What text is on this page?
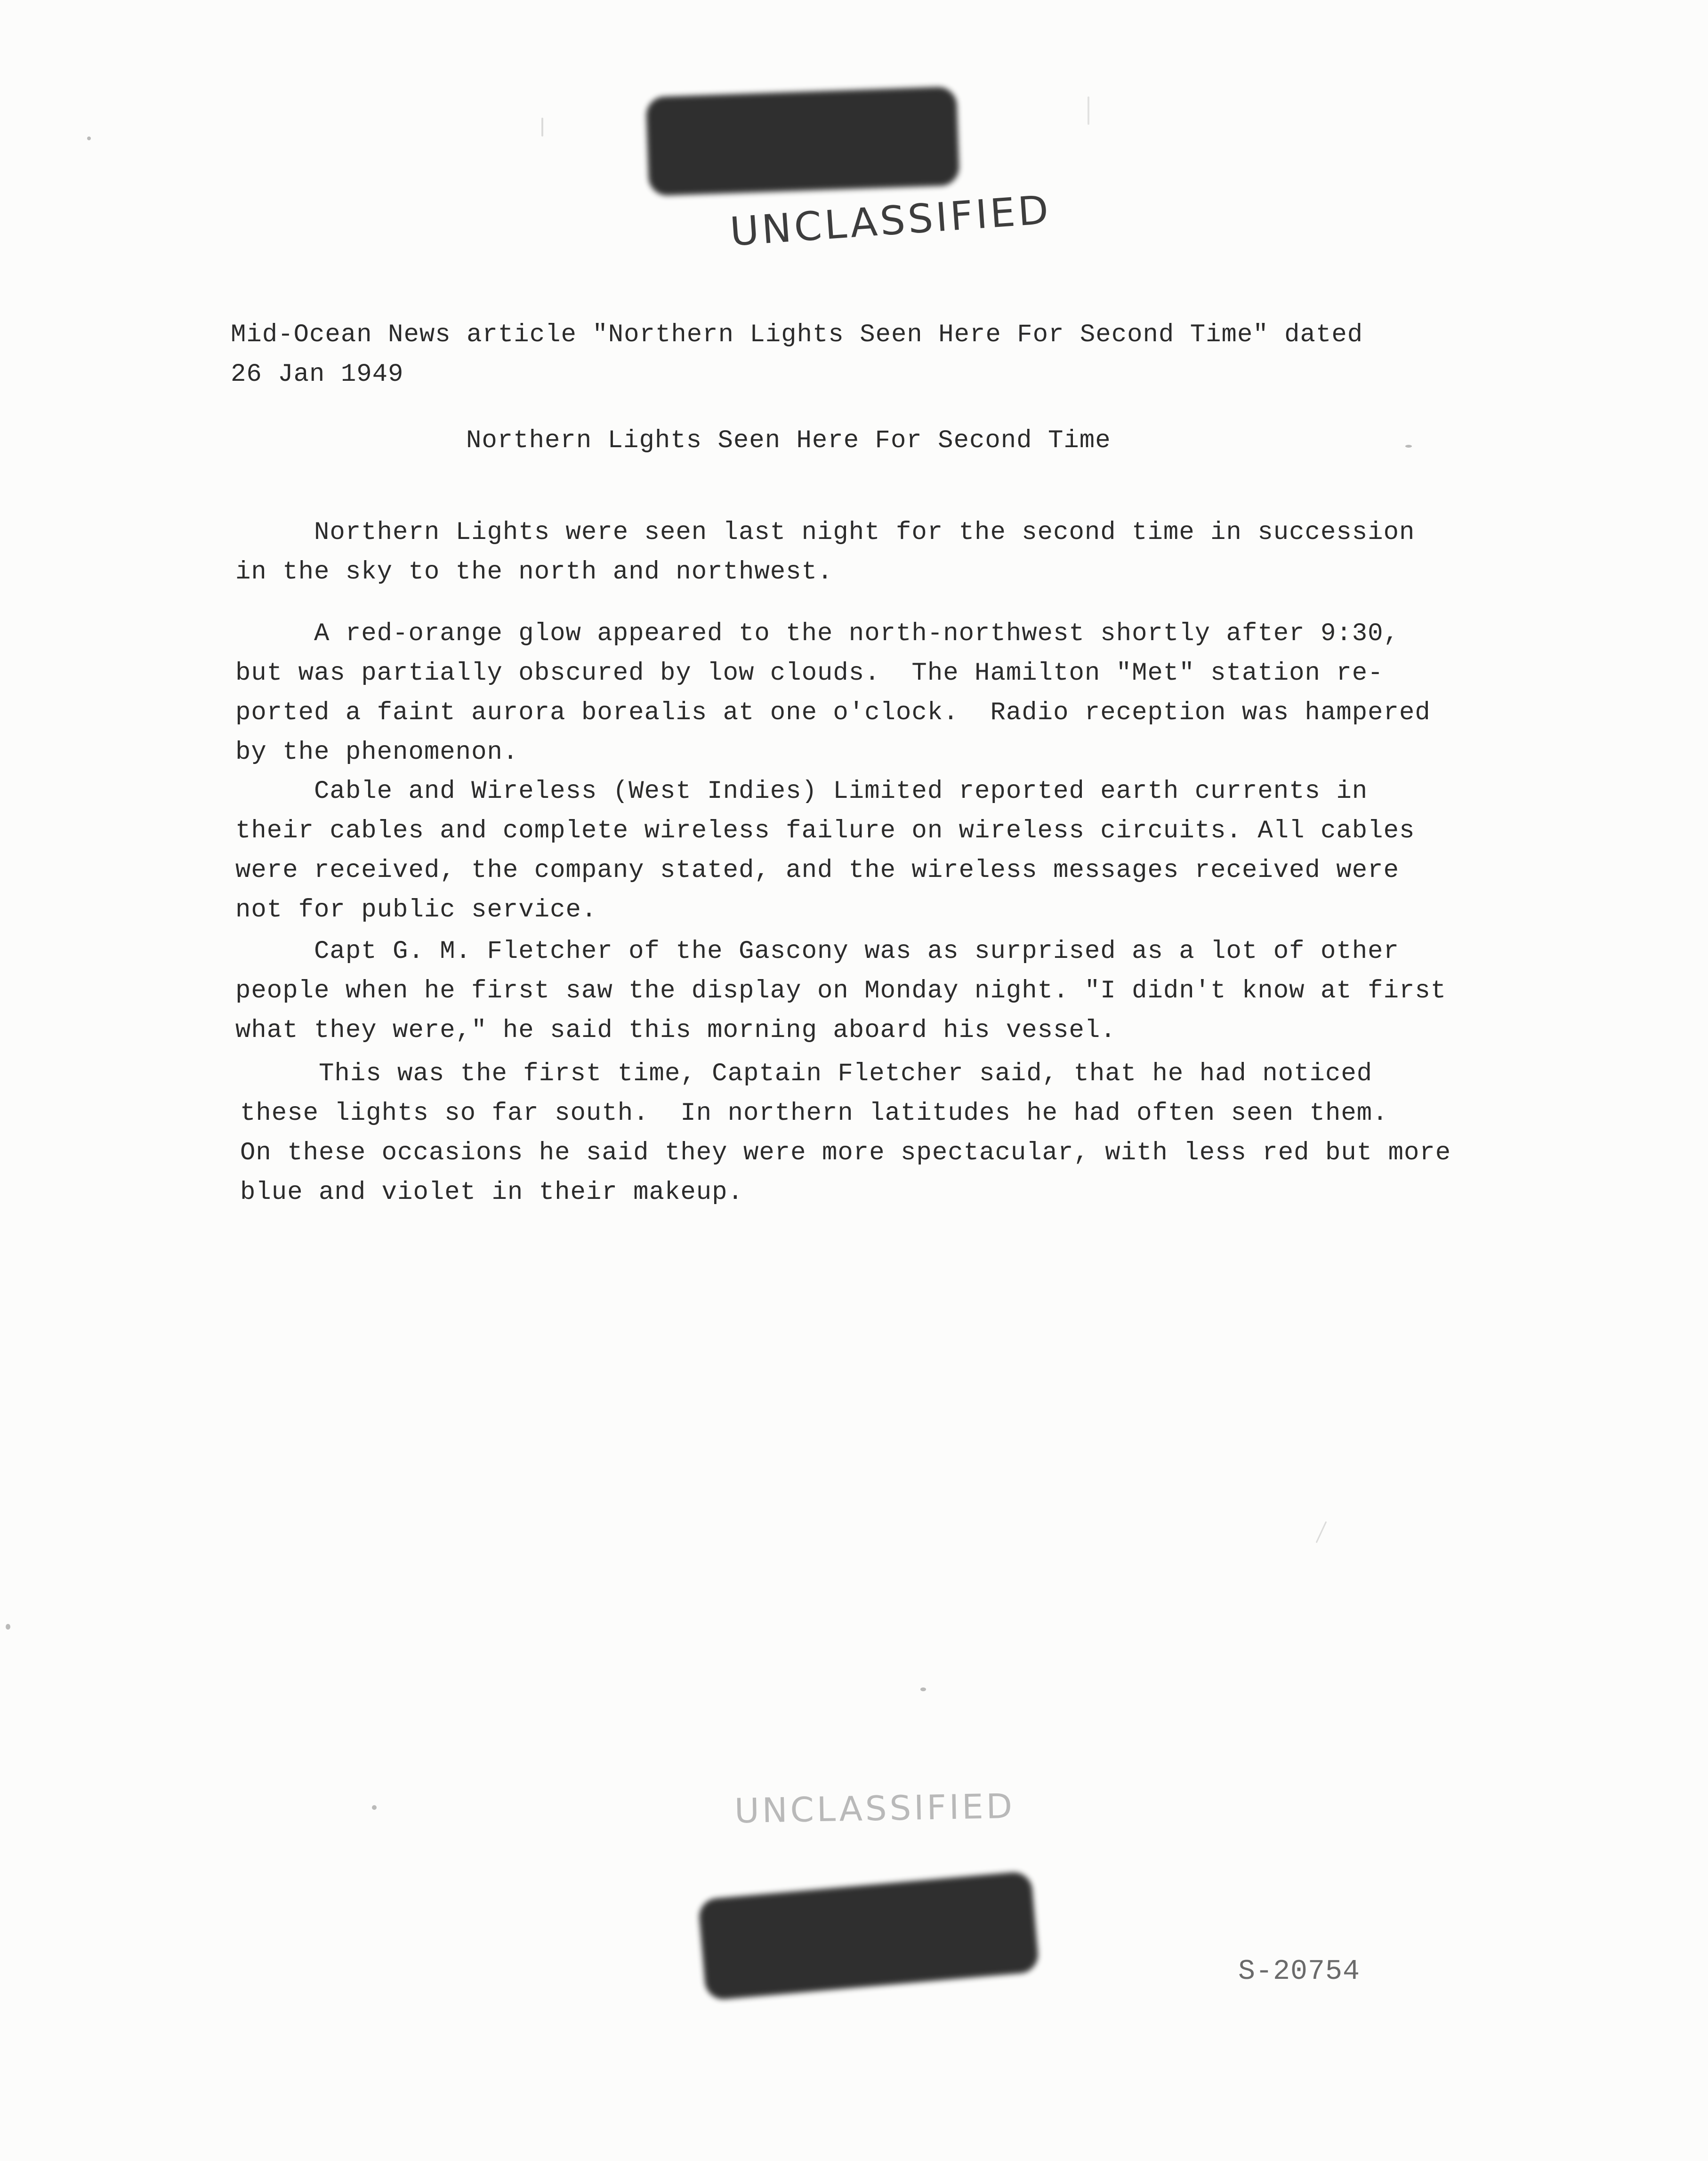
UNCLASSIFIED
Mid-Ocean News article "Northern Lights Seen Here For Second Time" dated
26 Jan 1949
Northern Lights Seen Here For Second Time
Northern Lights were seen last night for the second time in succession
in the sky to the north and northwest.
A red-orange glow appeared to the north-northwest shortly after 9:30,
but was partially obscured by low clouds.  The Hamilton "Met" station re-
ported a faint aurora borealis at one o'clock.  Radio reception was hampered
by the phenomenon.
Cable and Wireless (West Indies) Limited reported earth currents in
their cables and complete wireless failure on wireless circuits. All cables
were received, the company stated, and the wireless messages received were
not for public service.
Capt G. M. Fletcher of the Gascony was as surprised as a lot of other
people when he first saw the display on Monday night. "I didn't know at first
what they were," he said this morning aboard his vessel.
This was the first time, Captain Fletcher said, that he had noticed
these lights so far south.  In northern latitudes he had often seen them.
On these occasions he said they were more spectacular, with less red but more
blue and violet in their makeup.
UNCLASSIFIED
S-20754
